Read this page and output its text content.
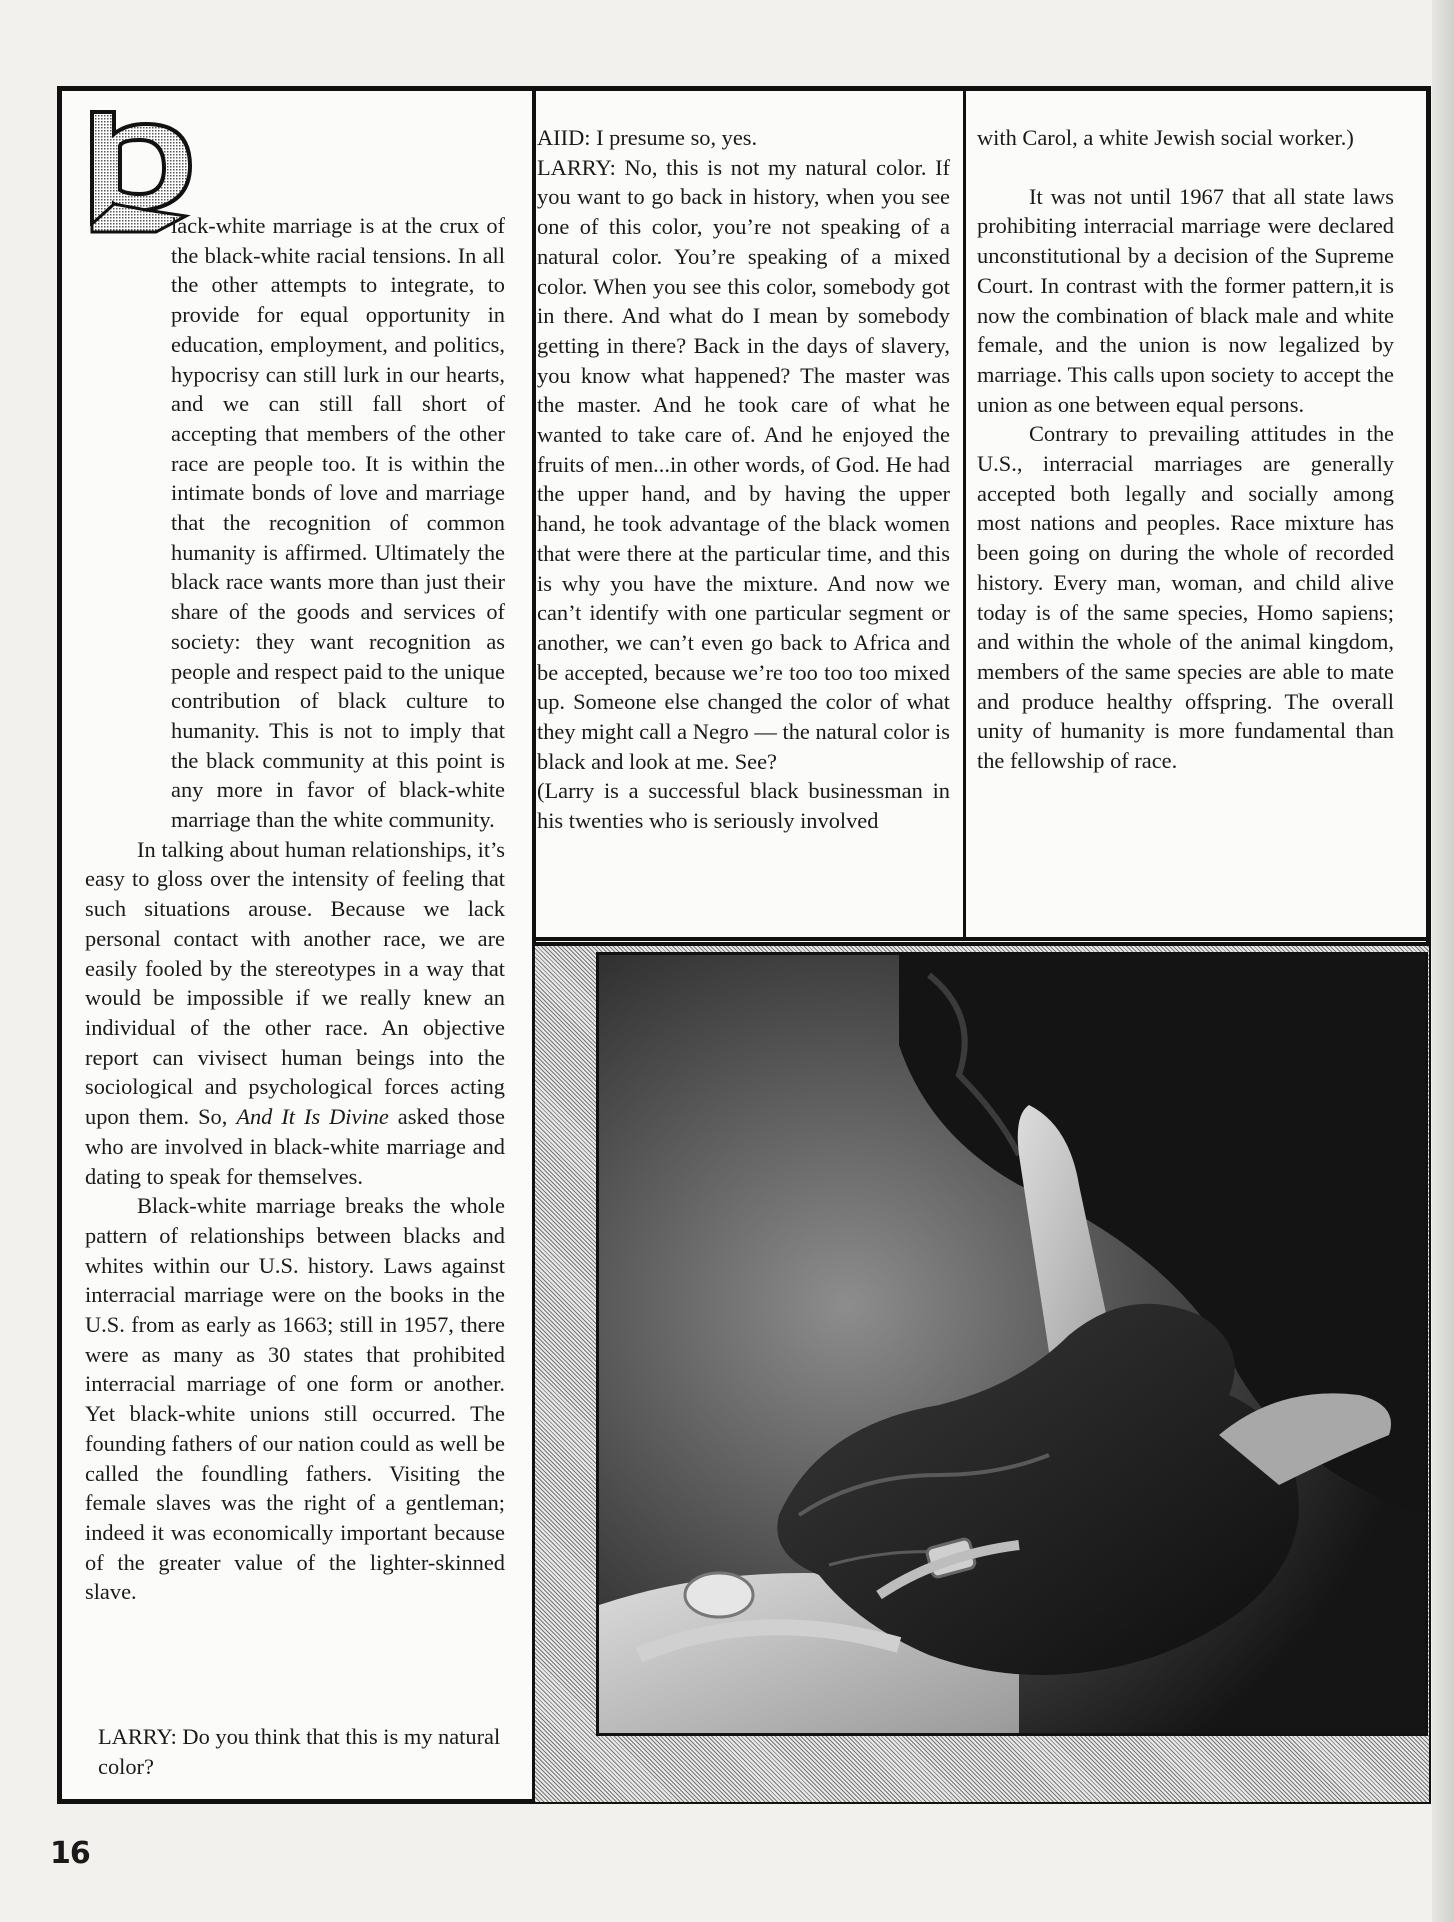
lack-white marriage is at the crux of the black-white racial tensions. In all the other attempts to integrate, to provide for equal opportunity in education, employment, and politics, hypocrisy can still lurk in our hearts, and we can still fall short of accepting that members of the other race are people too. It is within the intimate bonds of love and marriage that the recognition of common humanity is affirmed. Ultimately the black race wants more than just their share of the goods and services of society: they want recognition as people and respect paid to the unique contribution of black culture to humanity. This is not to imply that the black community at this point is any more in favor of black-white marriage than the white community.

In talking about human relationships, it’s easy to gloss over the intensity of feeling that such situations arouse. Because we lack personal contact with another race, we are easily fooled by the stereotypes in a way that would be impossible if we really knew an individual of the other race. An objective report can vivisect human beings into the sociological and psychological forces acting upon them. So, And It Is Divine asked those who are involved in black-white marriage and dating to speak for themselves.

Black-white marriage breaks the whole pattern of relationships between blacks and whites within our U.S. history. Laws against interracial marriage were on the books in the U.S. from as early as 1663; still in 1957, there were as many as 30 states that prohibited interracial marriage of one form or another. Yet black-white unions still occurred. The founding fathers of our nation could as well be called the foundling fathers. Visiting the female slaves was the right of a gentleman; indeed it was economically important because of the greater value of the lighter-skinned slave.

LARRY: Do you think that this is my natural color?

AIID: I presume so, yes.

LARRY: No, this is not my natural color. If you want to go back in history, when you see one of this color, you’re not speaking of a natural color. You’re speaking of a mixed color. When you see this color, somebody got in there. And what do I mean by somebody getting in there? Back in the days of slavery, you know what happened? The master was the master. And he took care of what he wanted to take care of. And he enjoyed the fruits of men...in other words, of God. He had the upper hand, and by having the upper hand, he took advantage of the black women that were there at the particular time, and this is why you have the mixture. And now we can’t identify with one particular segment or another, we can’t even go back to Africa and be accepted, because we’re too too too mixed up. Someone else changed the color of what they might call a Negro — the natural color is black and look at me. See?

(Larry is a successful black businessman in his twenties who is seriously involved

with Carol, a white Jewish social worker.)

It was not until 1967 that all state laws prohibiting interracial marriage were declared unconstitutional by a decision of the Supreme Court. In contrast with the former pattern,it is now the combination of black male and white female, and the union is now legalized by marriage. This calls upon society to accept the union as one between equal persons.

Contrary to prevailing attitudes in the U.S., interracial marriages are generally accepted both legally and socially among most nations and peoples. Race mixture has been going on during the whole of recorded history. Every man, woman, and child alive today is of the same species, Homo sapiens; and within the whole of the animal kingdom, members of the same species are able to mate and produce healthy offspring. The overall unity of humanity is more fundamental than the fellowship of race.

16
